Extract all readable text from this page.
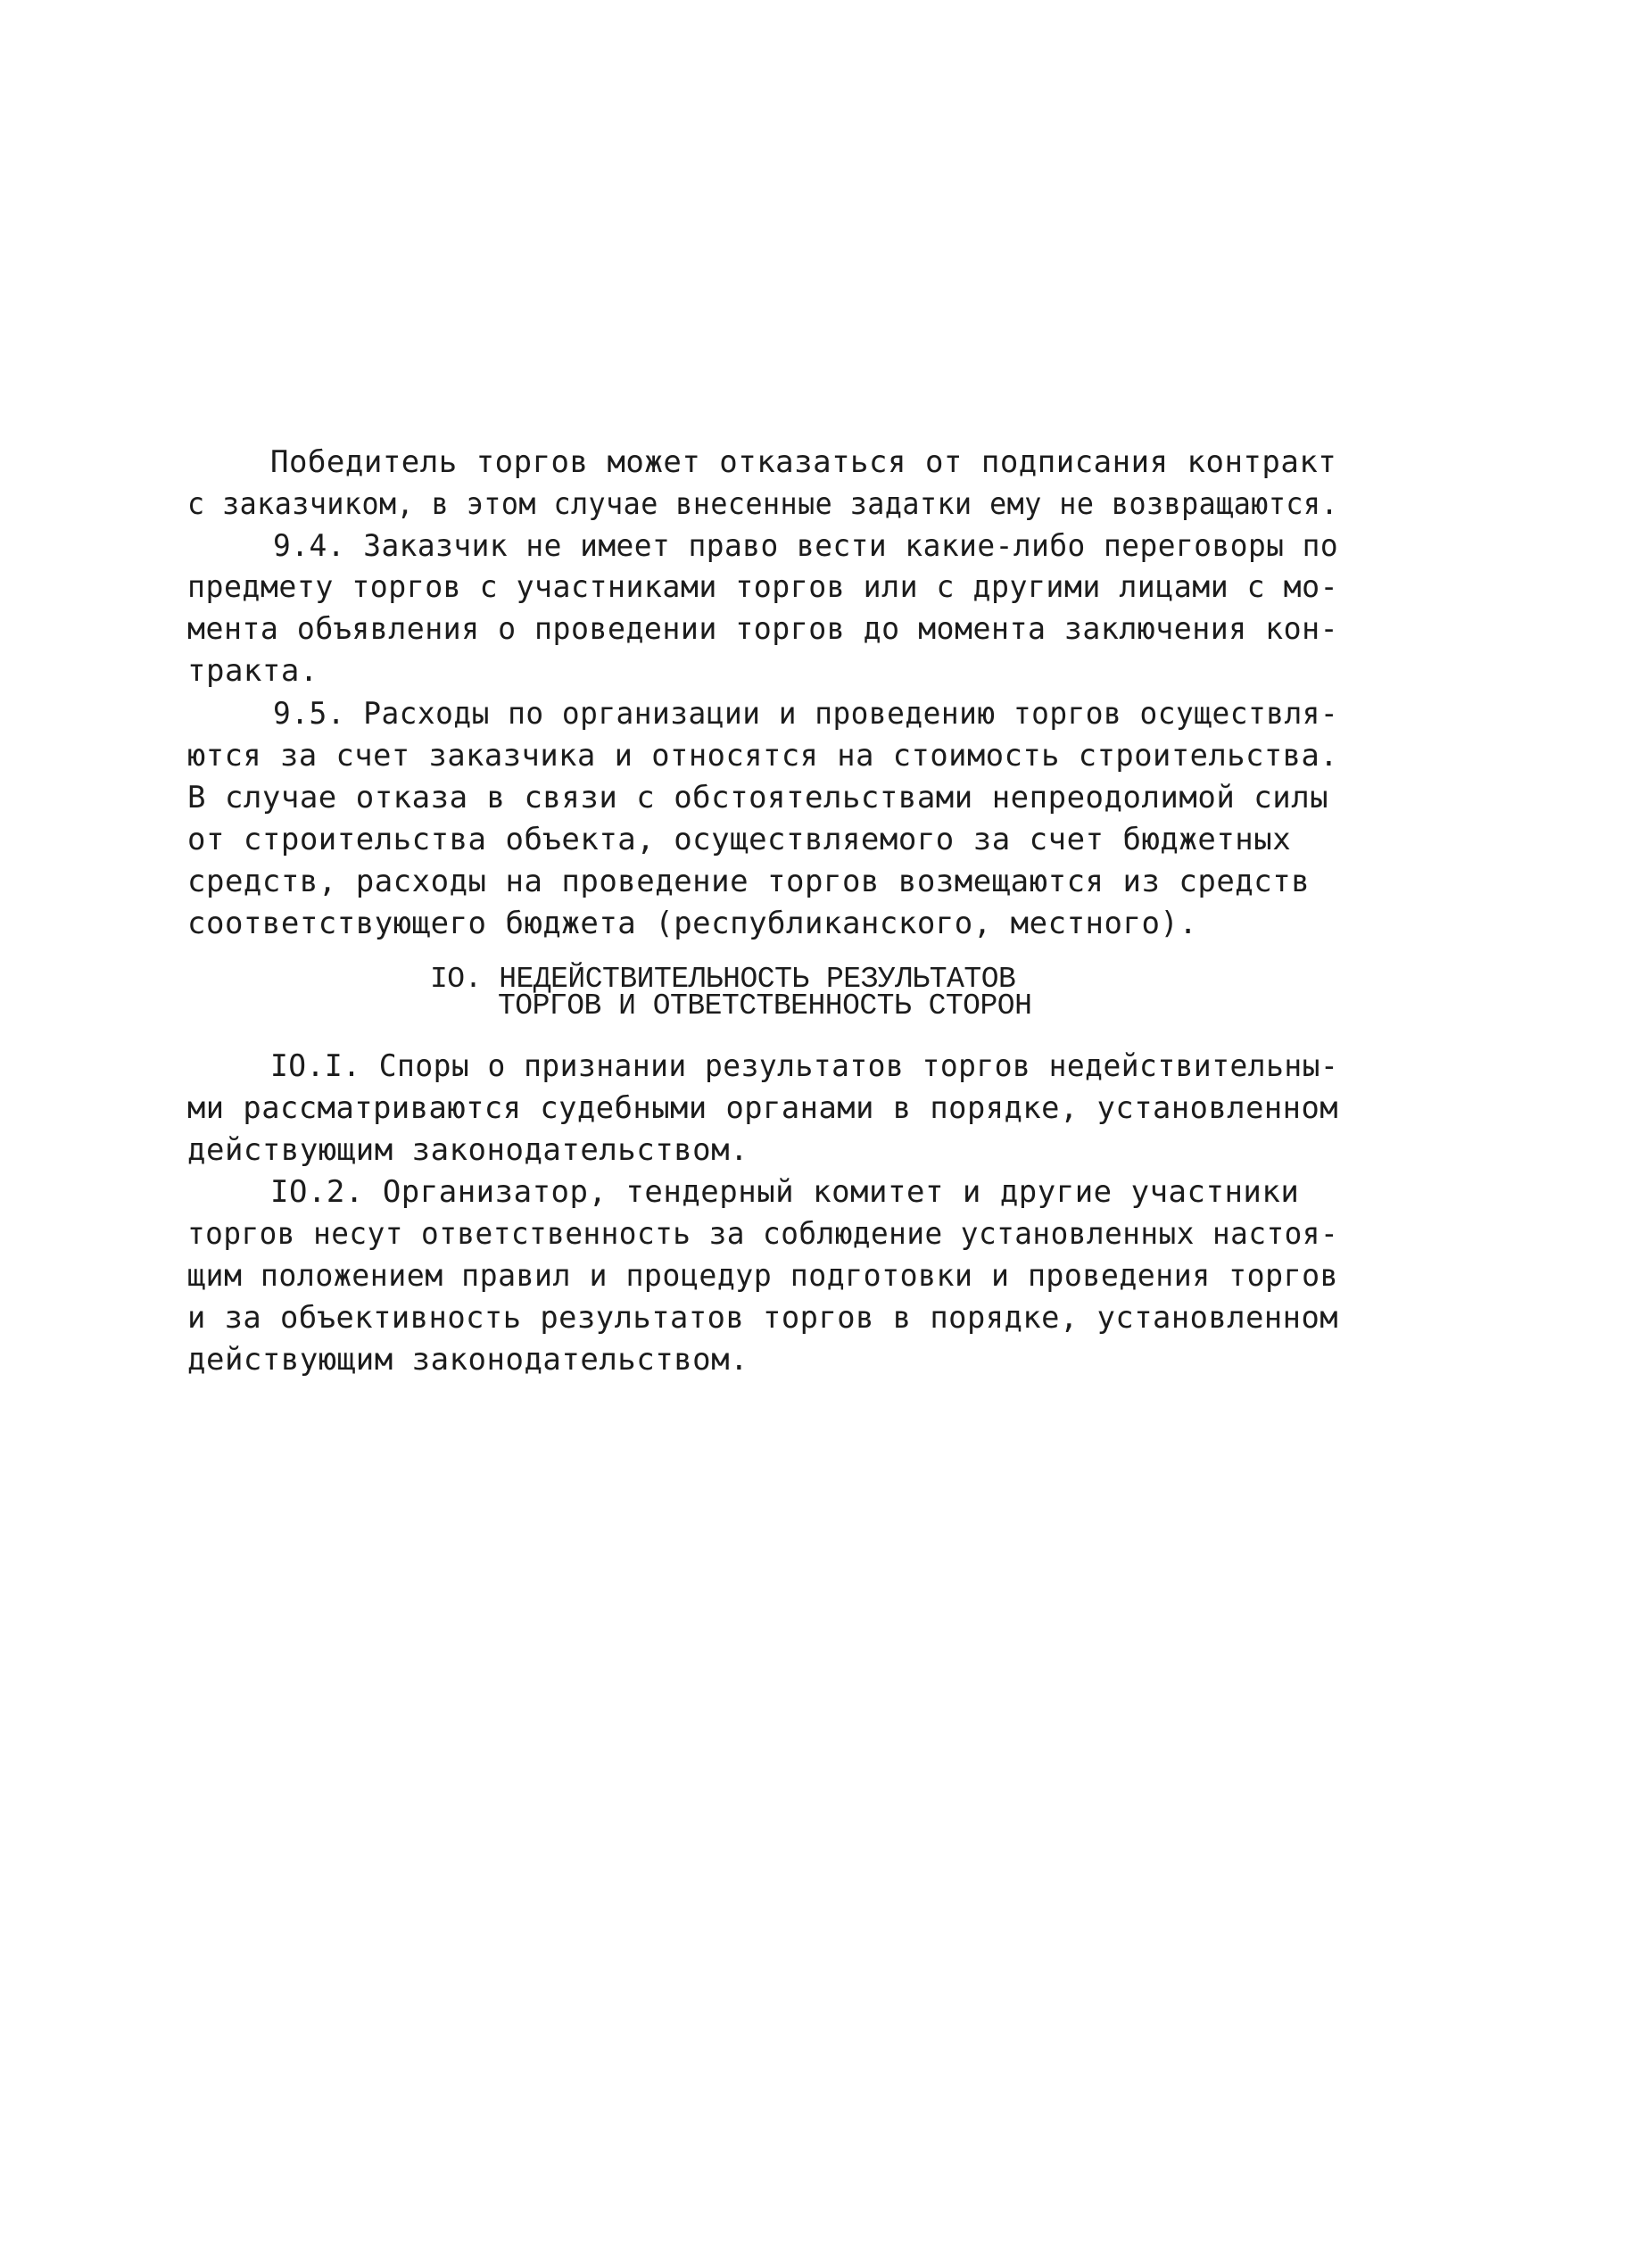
Победитель торгов может отказаться от подписания контракт
с заказчиком, в этом случае внесенные задатки ему не возвращаются.
9.4. Заказчик не имеет право вести какие-либо переговоры по
предмету торгов с участниками торгов или с другими лицами с мо-
мента объявления о проведении торгов до момента заключения кон-
тракта.
9.5. Расходы по организации и проведению торгов осуществля-
ются за счет заказчика и относятся на стоимость строительства.
В случае отказа в связи с обстоятельствами непреодолимой силы
от строительства объекта, осуществляемого за счет бюджетных
средств, расходы на проведение торгов возмещаются из средств
соответствующего бюджета (республиканского, местного).
IO. НЕДЕЙСТВИТЕЛЬНОСТЬ РЕЗУЛЬТАТОВ
ТОРГОВ И ОТВЕТСТВЕННОСТЬ СТОРОН
IO.I. Споры о признании результатов торгов недействительны-
ми рассматриваются судебными органами в порядке, установленном
действующим законодательством.
IO.2. Организатор, тендерный комитет и другие участники
торгов несут ответственность за соблюдение установленных настоя-
щим положением правил и процедур подготовки и проведения торгов
и за объективность результатов торгов в порядке, установленном
действующим законодательством.
